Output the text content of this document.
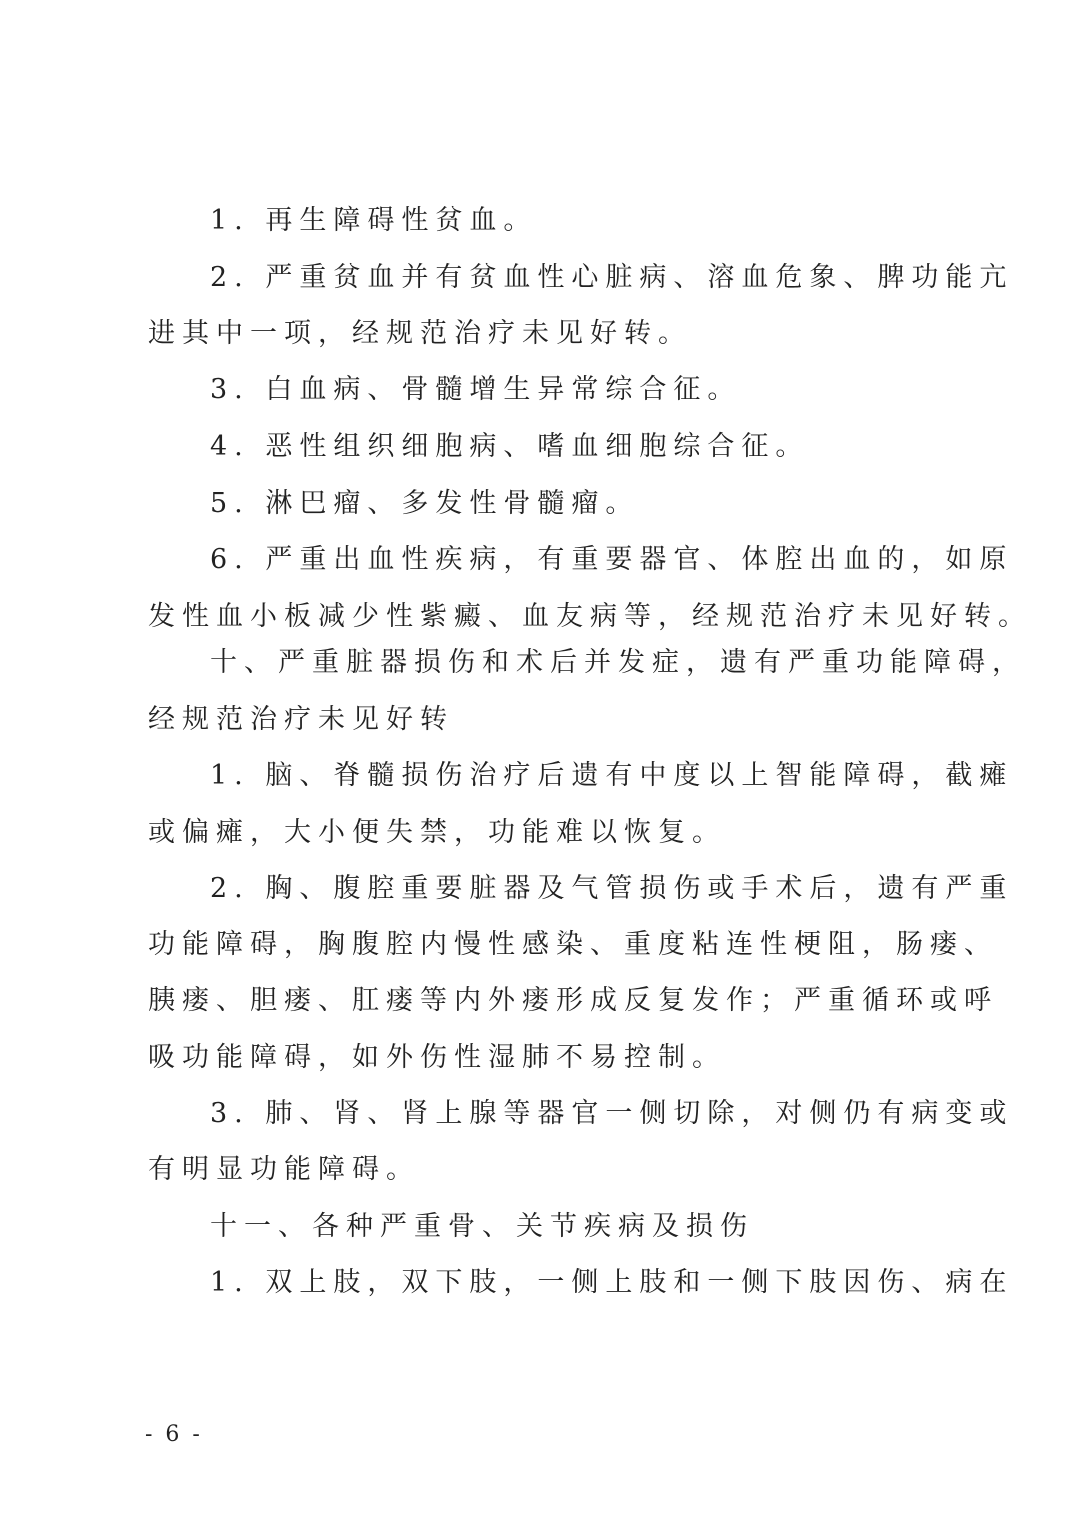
1. 再生障碍性贫血。
2. 严重贫血并有贫血性心脏病、溶血危象、脾功能亢
进其中一项，经规范治疗未见好转。
3. 白血病、骨髓增生异常综合征。
4. 恶性组织细胞病、嗜血细胞综合征。
5. 淋巴瘤、多发性骨髓瘤。
6. 严重出血性疾病，有重要器官、体腔出血的，如原
发性血小板减少性紫癜、血友病等，经规范治疗未见好转。
十、严重脏器损伤和术后并发症，遗有严重功能障碍，
经规范治疗未见好转
1. 脑、脊髓损伤治疗后遗有中度以上智能障碍，截瘫
或偏瘫，大小便失禁，功能难以恢复。
2. 胸、腹腔重要脏器及气管损伤或手术后，遗有严重
功能障碍，胸腹腔内慢性感染、重度粘连性梗阻，肠瘘、
胰瘘、胆瘘、肛瘘等内外瘘形成反复发作；严重循环或呼
吸功能障碍，如外伤性湿肺不易控制。
3. 肺、肾、肾上腺等器官一侧切除，对侧仍有病变或
有明显功能障碍。
十一、各种严重骨、关节疾病及损伤
1. 双上肢，双下肢，一侧上肢和一侧下肢因伤、病在
- 6 -
